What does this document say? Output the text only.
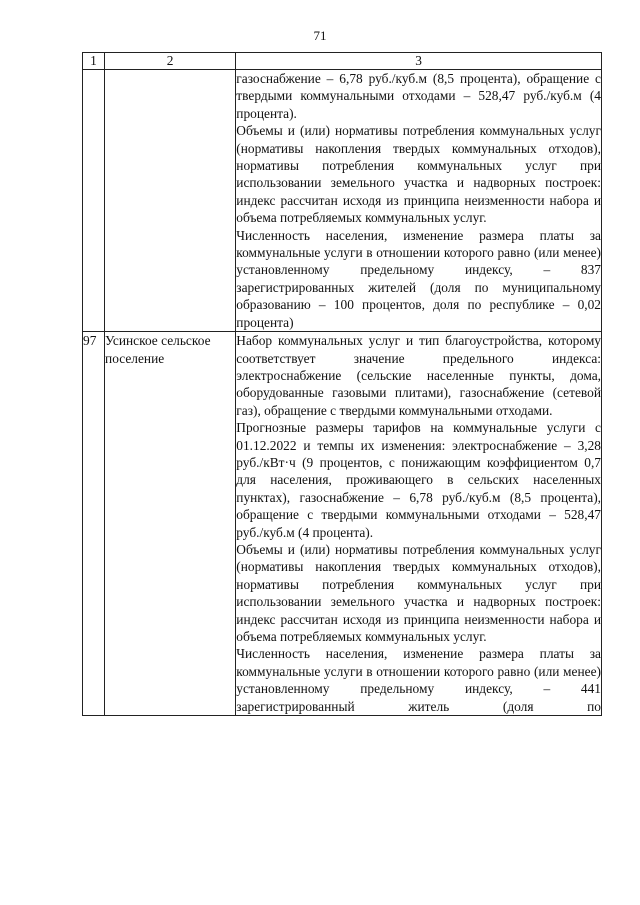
71
1	2	3

		газоснабжение – 6,78 руб./куб.м (8,5 процента), обращение с твердыми коммунальными отходами – 528,47 руб./куб.м (4 процента).

Объемы и (или) нормативы потребления коммунальных услуг (нормативы накопления твердых коммунальных отходов), нормативы потребления коммунальных услуг при использовании земельного участка и надворных построек: индекс рассчитан исходя из принципа неизменности набора и объема потребляемых коммунальных услуг.

Численность населения, изменение размера платы за коммунальные услуги в отношении которого равно (или менее) установленному предельному индексу, – 837 зарегистрированных жителей (доля по муниципальному образованию – 100 процентов, доля по республике – 0,02 процента)

97	Усинское сельское поселение	Набор коммунальных услуг и тип благоустройства, которому соответствует значение предельного индекса: электроснабжение (сельские населенные пункты, дома, оборудованные газовыми плитами), газоснабжение (сетевой газ), обращение с твердыми коммунальными отходами.

Прогнозные размеры тарифов на коммунальные услуги с 01.12.2022 и темпы их изменения: электроснабжение – 3,28 руб./кВт·ч (9 процентов, с понижающим коэффициентом 0,7 для населения, проживающего в сельских населенных пунктах), газоснабжение – 6,78 руб./куб.м (8,5 процента), обращение с твердыми коммунальными отходами – 528,47 руб./куб.м (4 процента).

Объемы и (или) нормативы потребления коммунальных услуг (нормативы накопления твердых коммунальных отходов), нормативы потребления коммунальных услуг при использовании земельного участка и надворных построек: индекс рассчитан исходя из принципа неизменности набора и объема потребляемых коммунальных услуг.

Численность населения, изменение размера платы за коммунальные услуги в отношении которого равно (или менее) установленному предельному индексу, – 441 зарегистрированный житель (доля по
